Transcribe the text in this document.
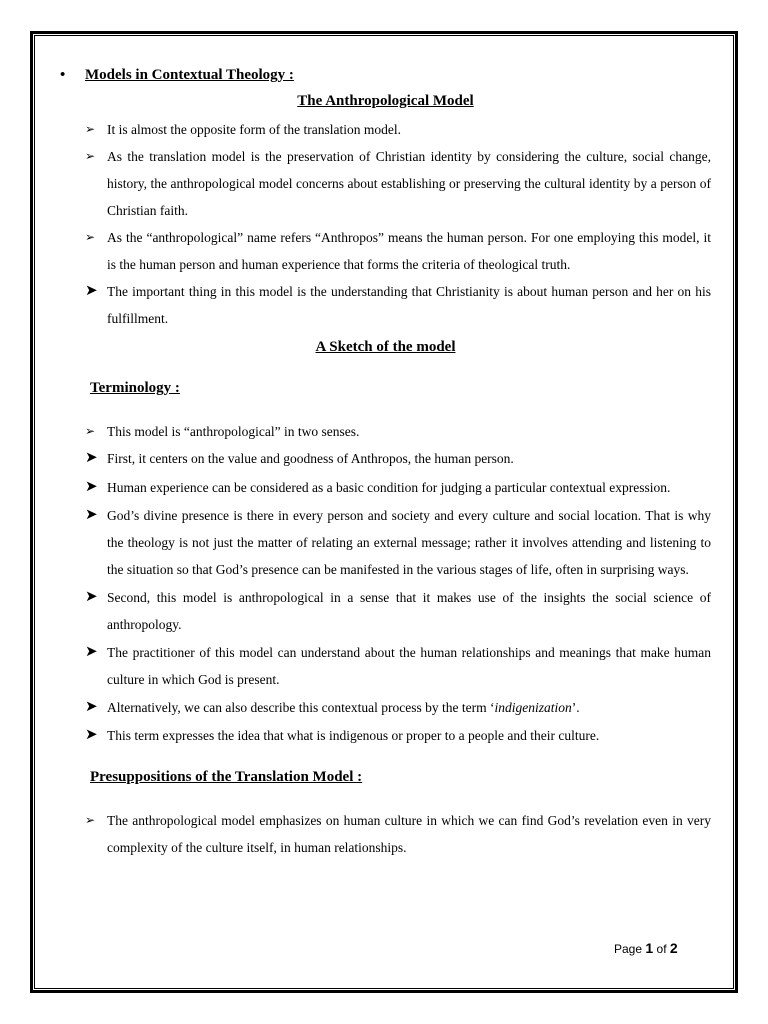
• Models in Contextual Theology :
The Anthropological Model
➢ It is almost the opposite form of the translation model.
➢ As the translation model is the preservation of Christian identity by considering the culture, social change, history, the anthropological model concerns about establishing or preserving the cultural identity by a person of Christian faith.
➢ As the “anthropological” name refers “Anthropos” means the human person. For one employing this model, it is the human person and human experience that forms the criteria of theological truth.
➤ The important thing in this model is the understanding that Christianity is about human person and her on his fulfillment.
A Sketch of the model
Terminology :
➢ This model is “anthropological” in two senses.
➤ First, it centers on the value and goodness of Anthropos, the human person.
➤ Human experience can be considered as a basic condition for judging a particular contextual expression.
➤ God’s divine presence is there in every person and society and every culture and social location. That is why the theology is not just the matter of relating an external message; rather it involves attending and listening to the situation so that God’s presence can be manifested in the various stages of life, often in surprising ways.
➤ Second, this model is anthropological in a sense that it makes use of the insights the social science of anthropology.
➤ The practitioner of this model can understand about the human relationships and meanings that make human culture in which God is present.
➤ Alternatively, we can also describe this contextual process by the term ‘indigenization’.
➤ This term expresses the idea that what is indigenous or proper to a people and their culture.
Presuppositions of the Translation Model :
➢ The anthropological model emphasizes on human culture in which we can find God’s revelation even in very complexity of the culture itself, in human relationships.
Page 1 of 2
